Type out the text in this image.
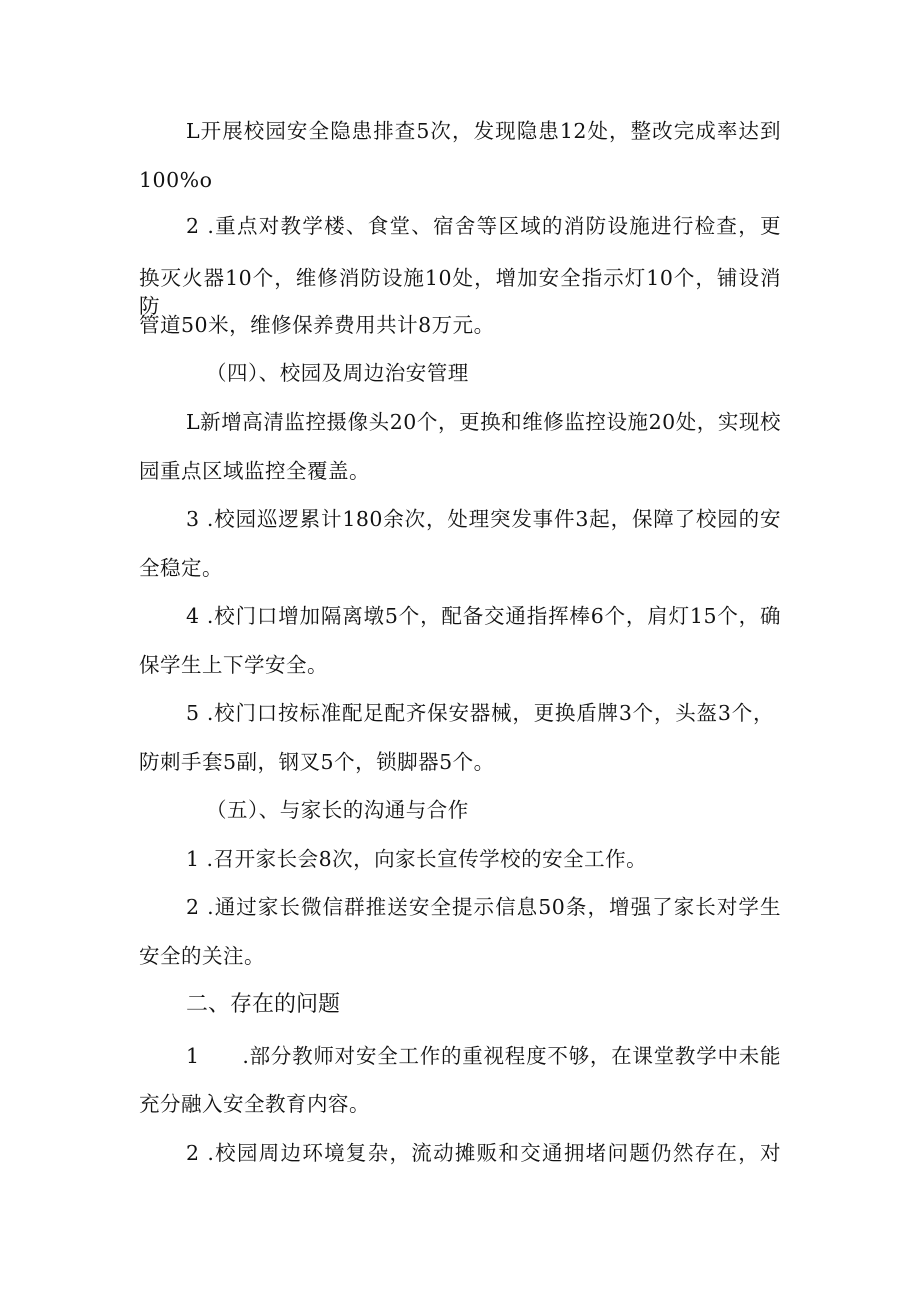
L开展校园安全隐患排查5次，发现隐患12处，整改完成率达到
100%o
2 .重点对教学楼、食堂、宿舍等区域的消防设施进行检查，更
换灭火器10个，维修消防设施10处，增加安全指示灯10个，铺设消防
管道50米，维修保养费用共计8万元。
（四）、校园及周边治安管理
L新增高清监控摄像头20个，更换和维修监控设施20处，实现校
园重点区域监控全覆盖。
3 .校园巡逻累计180余次，处理突发事件3起，保障了校园的安
全稳定。
4 .校门口增加隔离墩5个，配备交通指挥棒6个，肩灯15个，确
保学生上下学安全。
5 .校门口按标准配足配齐保安器械，更换盾牌3个，头盔3个，
防刺手套5副，钢叉5个，锁脚器5个。
（五）、与家长的沟通与合作
1 .召开家长会8次，向家长宣传学校的安全工作。
2 .通过家长微信群推送安全提示信息50条，增强了家长对学生
安全的关注。
二、存在的问题
1　　.部分教师对安全工作的重视程度不够，在课堂教学中未能
充分融入安全教育内容。
2 .校园周边环境复杂，流动摊贩和交通拥堵问题仍然存在，对
